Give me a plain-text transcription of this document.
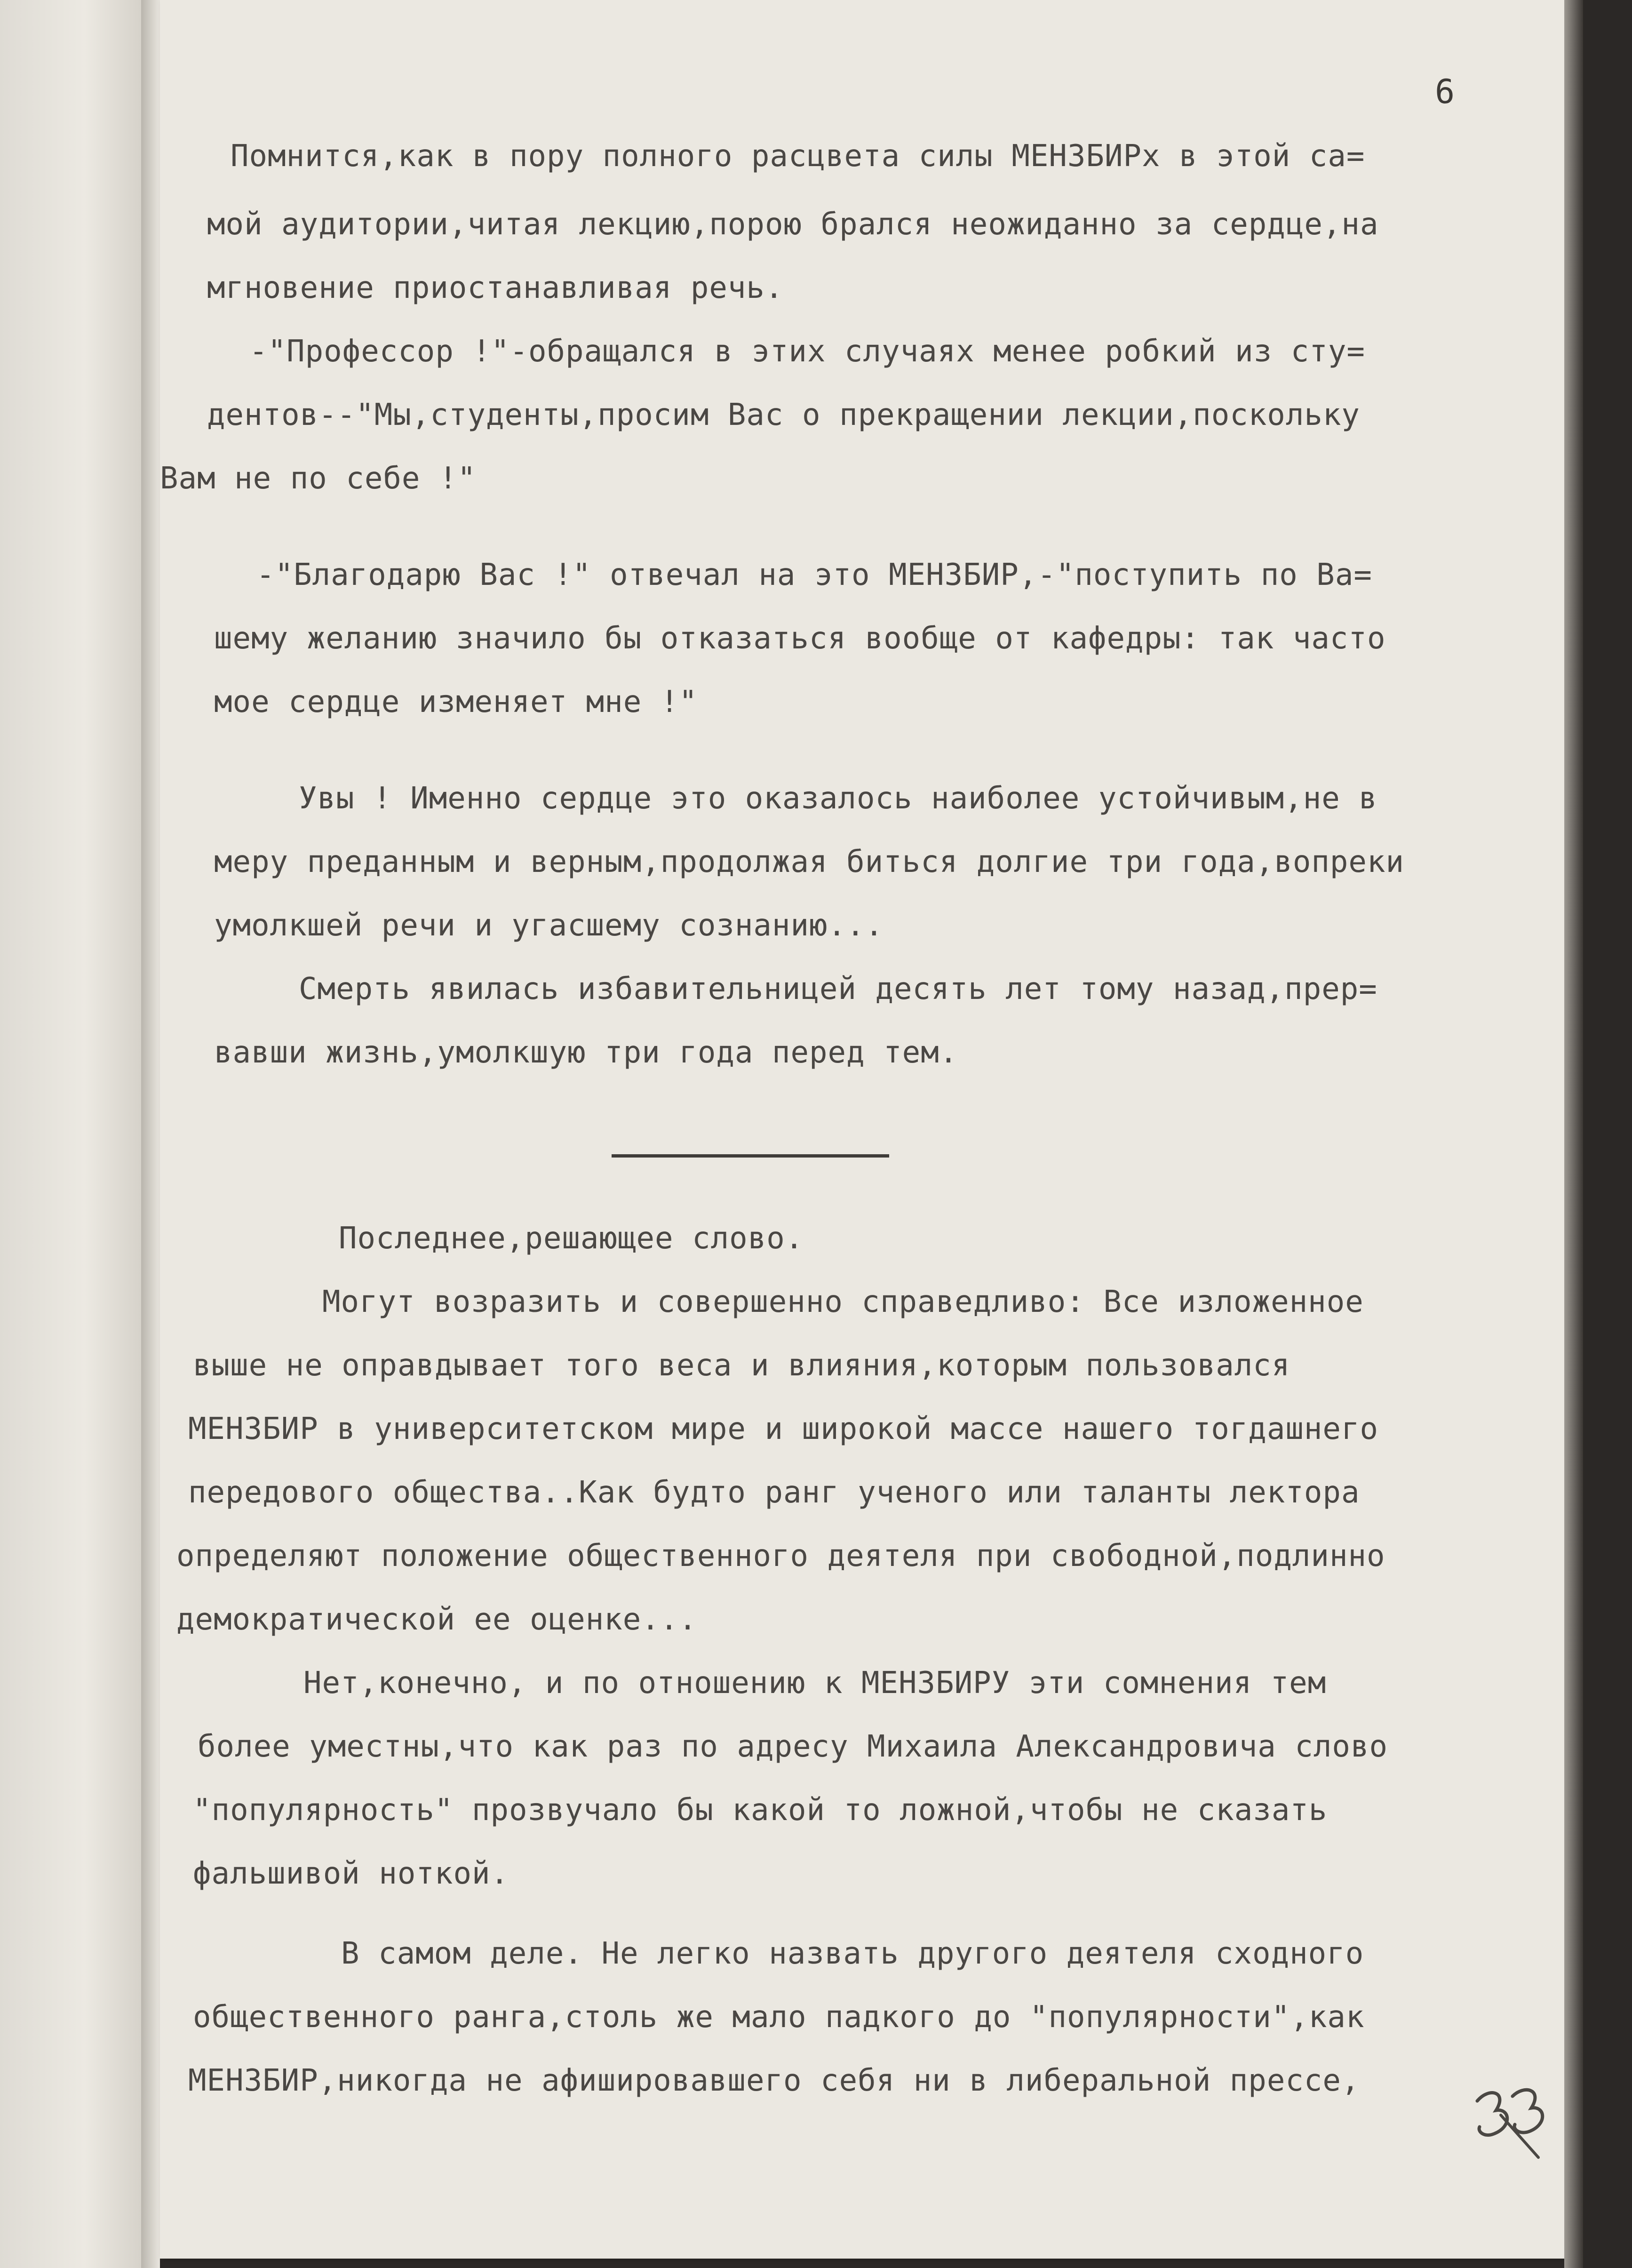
6
Помнится,как в пору полного расцвета силы МЕНЗБИРх в этой са=
мой аудитории,читая лекцию,порою брался неожиданно за сердце,на
мгновение приостанавливая речь.
-"Профессор !"-обращался в этих случаях менее робкий из сту=
дентов--"Мы,студенты,просим Вас о прекращении лекции,поскольку
Вам не по себе !"
-"Благодарю Вас !" отвечал на это МЕНЗБИР,-"поступить по Ва=
шему желанию значило бы отказаться вообще от кафедры: так часто
мое сердце изменяет мне !"
Увы ! Именно сердце это оказалось наиболее устойчивым,не в
меру преданным и верным,продолжая биться долгие три года,вопреки
умолкшей речи и угасшему сознанию...
Смерть явилась избавительницей десять лет тому назад,прер=
вавши жизнь,умолкшую три года перед тем.
Последнее,решающее слово.
Могут возразить и совершенно справедливо: Все изложенное
выше не оправдывает того веса и влияния,которым пользовался
МЕНЗБИР в университетском мире и широкой массе нашего тогдашнего
передового общества..Как будто ранг ученого или таланты лектора
определяют положение общественного деятеля при свободной,подлинно
демократической ее оценке...
Нет,конечно, и по отношению к МЕНЗБИРУ эти сомнения тем
более уместны,что как раз по адресу Михаила Александровича слово
"популярность" прозвучало бы какой то ложной,чтобы не сказать
фальшивой ноткой.
В самом деле. Не легко назвать другого деятеля сходного
общественного ранга,столь же мало падкого до "популярности",как
МЕНЗБИР,никогда не афишировавшего себя ни в либеральной прессе,
